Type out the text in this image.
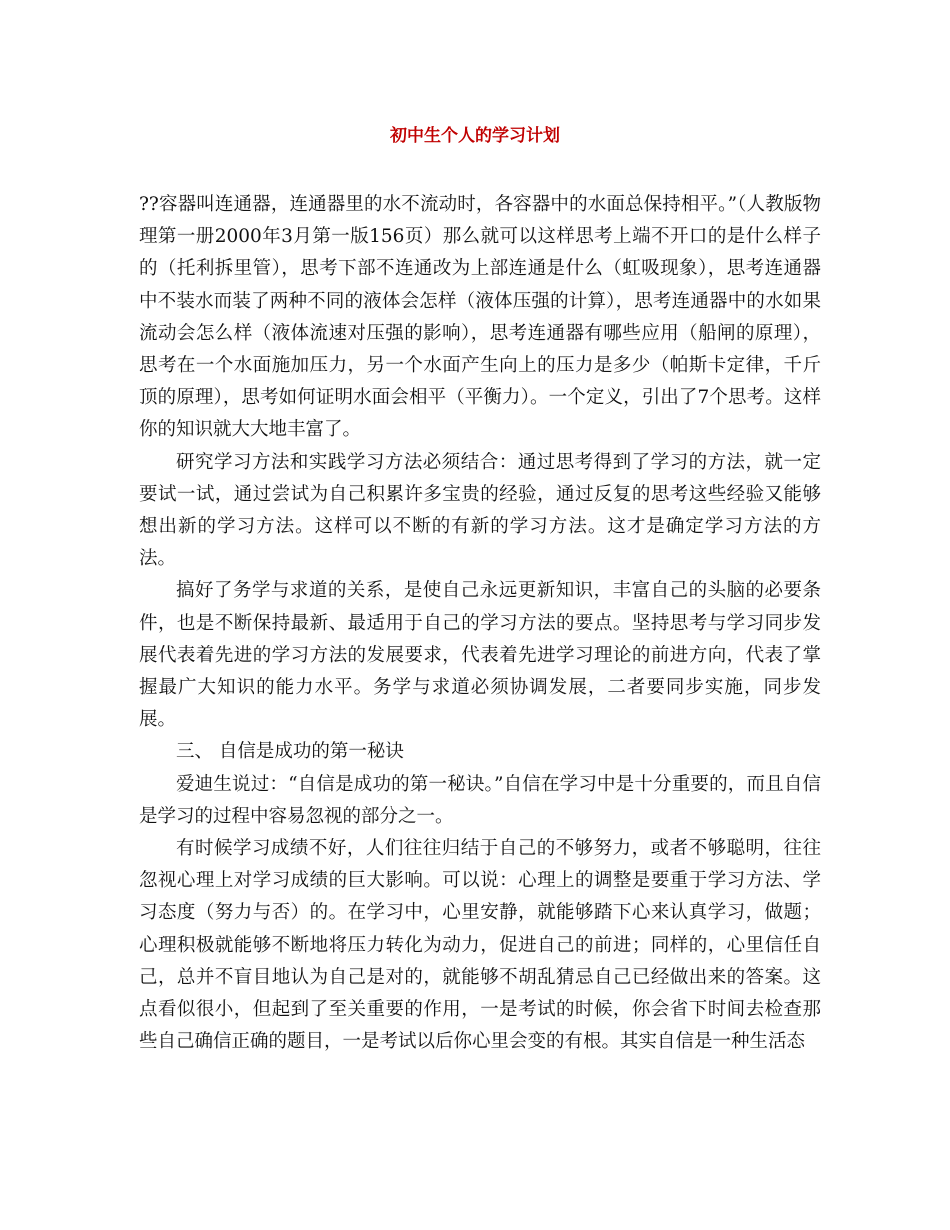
初中生个人的学习计划

??容器叫连通器，连通器里的水不流动时，各容器中的水面总保持相平。”（人教版物理第一册2000年3月第一版156页）那么就可以这样思考上端不开口的是什么样子的（托利拆里管），思考下部不连通改为上部连通是什么（虹吸现象），思考连通器中不装水而装了两种不同的液体会怎样（液体压强的计算），思考连通器中的水如果流动会怎么样（液体流速对压强的影响），思考连通器有哪些应用（船闸的原理），思考在一个水面施加压力，另一个水面产生向上的压力是多少（帕斯卡定律，千斤顶的原理），思考如何证明水面会相平（平衡力）。一个定义，引出了7个思考。这样你的知识就大大地丰富了。

研究学习方法和实践学习方法必须结合：通过思考得到了学习的方法，就一定要试一试，通过尝试为自己积累许多宝贵的经验，通过反复的思考这些经验又能够想出新的学习方法。这样可以不断的有新的学习方法。这才是确定学习方法的方法。

搞好了务学与求道的关系，是使自己永远更新知识，丰富自己的头脑的必要条件，也是不断保持最新、最适用于自己的学习方法的要点。坚持思考与学习同步发展代表着先进的学习方法的发展要求，代表着先进学习理论的前进方向，代表了掌握最广大知识的能力水平。务学与求道必须协调发展，二者要同步实施，同步发展。

三、 自信是成功的第一秘诀

爱迪生说过：“自信是成功的第一秘诀。”自信在学习中是十分重要的，而且自信是学习的过程中容易忽视的部分之一。

有时候学习成绩不好，人们往往归结于自己的不够努力，或者不够聪明，往往忽视心理上对学习成绩的巨大影响。可以说：心理上的调整是要重于学习方法、学习态度（努力与否）的。在学习中，心里安静，就能够踏下心来认真学习，做题；心理积极就能够不断地将压力转化为动力，促进自己的前进；同样的，心里信任自己，总并不盲目地认为自己是对的，就能够不胡乱猜忌自己已经做出来的答案。这点看似很小，但起到了至关重要的作用，一是考试的时候，你会省下时间去检查那些自己确信正确的题目，一是考试以后你心里会变的有根。其实自信是一种生活态
